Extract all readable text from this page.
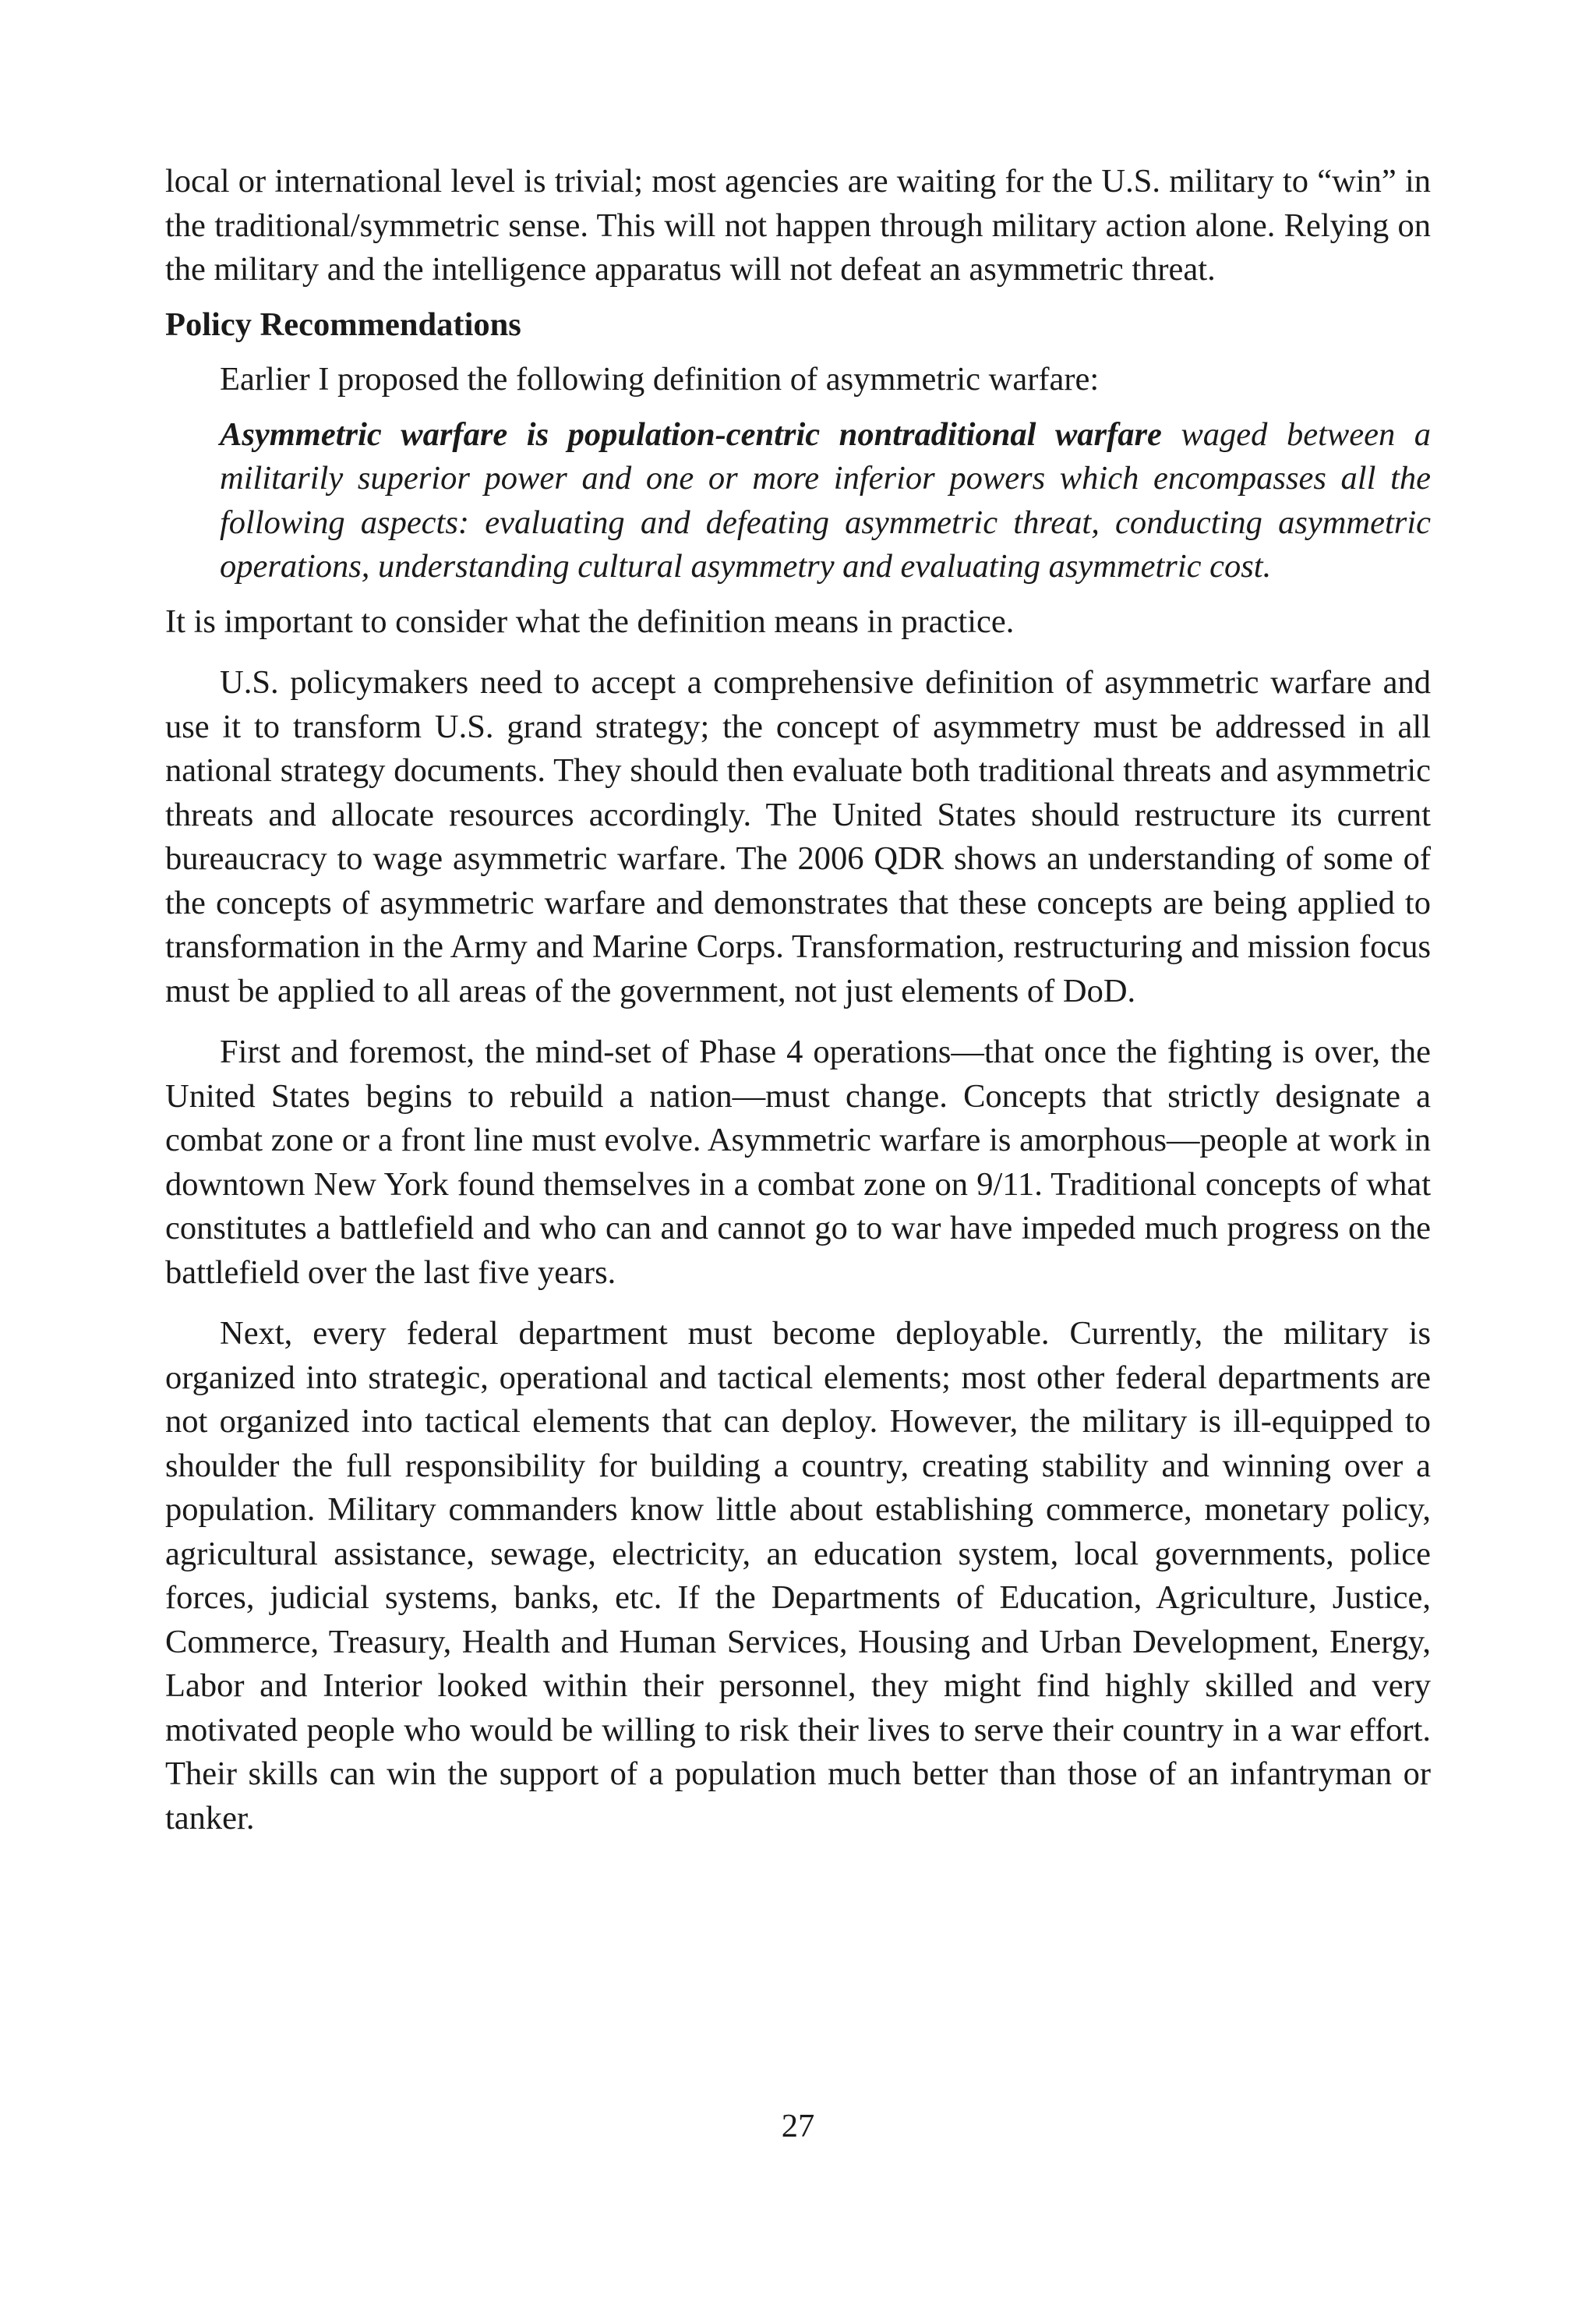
local or international level is trivial; most agencies are waiting for the U.S. military to “win” in the traditional/symmetric sense. This will not happen through military action alone. Relying on the military and the intelligence apparatus will not defeat an asymmetric threat.

Policy Recommendations

Earlier I proposed the following definition of asymmetric warfare:

Asymmetric warfare is population-centric nontraditional warfare waged between a militarily superior power and one or more inferior powers which encompasses all the following aspects: evaluating and defeating asymmetric threat, conducting asymmetric operations, understanding cultural asymmetry and evaluating asymmetric cost.

It is important to consider what the definition means in practice.

U.S. policymakers need to accept a comprehensive definition of asymmetric warfare and use it to transform U.S. grand strategy; the concept of asymmetry must be addressed in all national strategy documents. They should then evaluate both traditional threats and asymmetric threats and allocate resources accordingly. The United States should restructure its current bureaucracy to wage asymmetric warfare. The 2006 QDR shows an understanding of some of the concepts of asymmetric warfare and demonstrates that these concepts are being applied to transformation in the Army and Marine Corps. Transformation, restructuring and mission focus must be applied to all areas of the government, not just elements of DoD.

First and foremost, the mind-set of Phase 4 operations—that once the fighting is over, the United States begins to rebuild a nation—must change. Concepts that strictly designate a combat zone or a front line must evolve. Asymmetric warfare is amorphous—people at work in downtown New York found themselves in a combat zone on 9/11. Traditional concepts of what constitutes a battlefield and who can and cannot go to war have impeded much progress on the battlefield over the last five years.

Next, every federal department must become deployable. Currently, the military is organized into strategic, operational and tactical elements; most other federal departments are not organized into tactical elements that can deploy. However, the military is ill-equipped to shoulder the full responsibility for building a country, creating stability and winning over a population. Military commanders know little about establishing commerce, monetary policy, agricultural assistance, sewage, electricity, an education system, local governments, police forces, judicial systems, banks, etc. If the Departments of Education, Agriculture, Justice, Commerce, Treasury, Health and Human Services, Housing and Urban Development, Energy, Labor and Interior looked within their personnel, they might find highly skilled and very motivated people who would be willing to risk their lives to serve their country in a war effort. Their skills can win the support of a population much better than those of an infantryman or tanker.

27
